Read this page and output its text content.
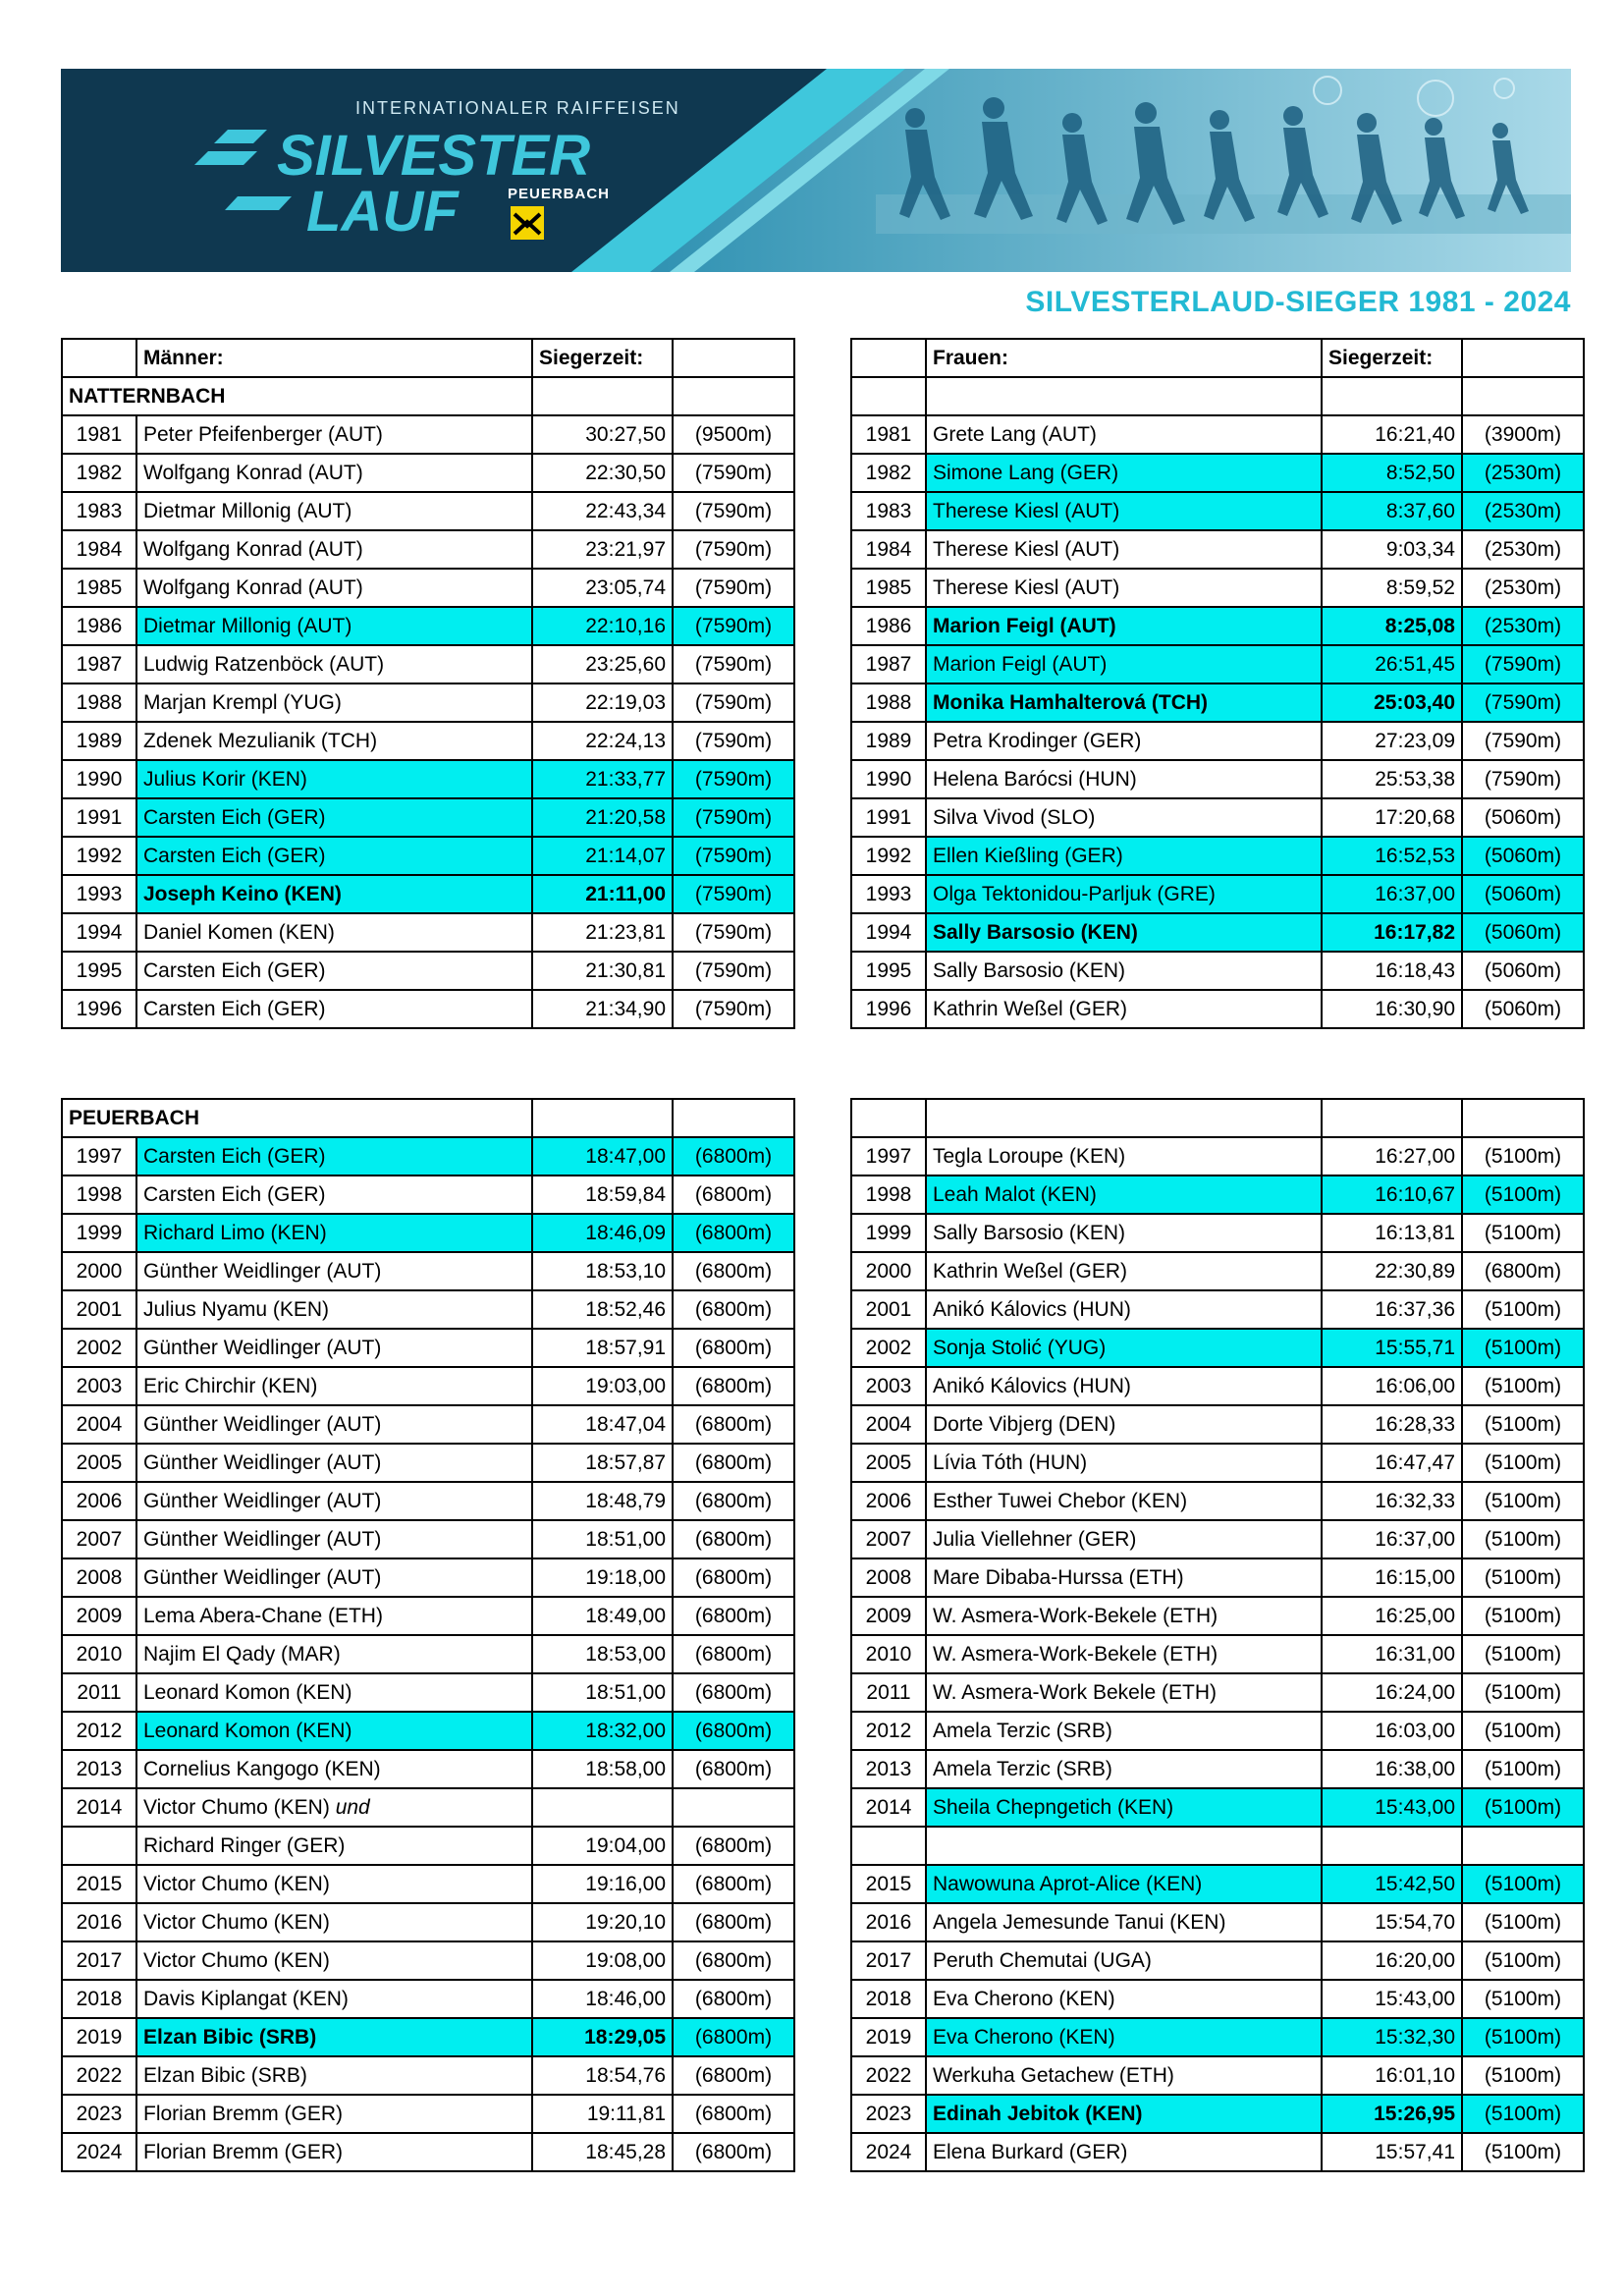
INTERNATIONALER RAIFFEISEN
SILVESTER
LAUF	PEUERBACH
SILVESTERLAUD-SIEGER 1981 - 2024
	Männer:	Siegerzeit:	
NATTERNBACH			
1981	Peter Pfeifenberger (AUT)	30:27,50	(9500m)
1982	Wolfgang Konrad (AUT)	22:30,50	(7590m)
1983	Dietmar Millonig (AUT)	22:43,34	(7590m)
1984	Wolfgang Konrad (AUT)	23:21,97	(7590m)
1985	Wolfgang Konrad (AUT)	23:05,74	(7590m)
1986	Dietmar Millonig (AUT)	22:10,16	(7590m)
1987	Ludwig Ratzenböck (AUT)	23:25,60	(7590m)
1988	Marjan Krempl (YUG)	22:19,03	(7590m)
1989	Zdenek Mezulianik (TCH)	22:24,13	(7590m)
1990	Julius Korir (KEN)	21:33,77	(7590m)
1991	Carsten Eich (GER)	21:20,58	(7590m)
1992	Carsten Eich (GER)	21:14,07	(7590m)
1993	Joseph Keino (KEN)	21:11,00	(7590m)
1994	Daniel Komen (KEN)	21:23,81	(7590m)
1995	Carsten Eich (GER)	21:30,81	(7590m)
1996	Carsten Eich (GER)	21:34,90	(7590m)
	Frauen:	Siegerzeit:	

1981	Grete Lang (AUT)	16:21,40	(3900m)
1982	Simone Lang (GER)	8:52,50	(2530m)
1983	Therese Kiesl (AUT)	8:37,60	(2530m)
1984	Therese Kiesl (AUT)	9:03,34	(2530m)
1985	Therese Kiesl (AUT)	8:59,52	(2530m)
1986	Marion Feigl (AUT)	8:25,08	(2530m)
1987	Marion Feigl (AUT)	26:51,45	(7590m)
1988	Monika Hamhalterová (TCH)	25:03,40	(7590m)
1989	Petra Krodinger (GER)	27:23,09	(7590m)
1990	Helena Barócsi (HUN)	25:53,38	(7590m)
1991	Silva Vivod (SLO)	17:20,68	(5060m)
1992	Ellen Kießling (GER)	16:52,53	(5060m)
1993	Olga Tektonidou-Parljuk (GRE)	16:37,00	(5060m)
1994	Sally Barsosio (KEN)	16:17,82	(5060m)
1995	Sally Barsosio (KEN)	16:18,43	(5060m)
1996	Kathrin Weßel (GER)	16:30,90	(5060m)
PEUERBACH			
1997	Carsten Eich (GER)	18:47,00	(6800m)
1998	Carsten Eich (GER)	18:59,84	(6800m)
1999	Richard Limo (KEN)	18:46,09	(6800m)
2000	Günther Weidlinger (AUT)	18:53,10	(6800m)
2001	Julius Nyamu (KEN)	18:52,46	(6800m)
2002	Günther Weidlinger (AUT)	18:57,91	(6800m)
2003	Eric Chirchir (KEN)	19:03,00	(6800m)
2004	Günther Weidlinger (AUT)	18:47,04	(6800m)
2005	Günther Weidlinger (AUT)	18:57,87	(6800m)
2006	Günther Weidlinger (AUT)	18:48,79	(6800m)
2007	Günther Weidlinger (AUT)	18:51,00	(6800m)
2008	Günther Weidlinger (AUT)	19:18,00	(6800m)
2009	Lema Abera-Chane (ETH)	18:49,00	(6800m)
2010	Najim El Qady (MAR)	18:53,00	(6800m)
2011	Leonard Komon (KEN)	18:51,00	(6800m)
2012	Leonard Komon (KEN)	18:32,00	(6800m)
2013	Cornelius Kangogo (KEN)	18:58,00	(6800m)
2014	Victor Chumo (KEN) und		
	Richard Ringer (GER)	19:04,00	(6800m)
2015	Victor Chumo (KEN)	19:16,00	(6800m)
2016	Victor Chumo (KEN)	19:20,10	(6800m)
2017	Victor Chumo (KEN)	19:08,00	(6800m)
2018	Davis Kiplangat (KEN)	18:46,00	(6800m)
2019	Elzan Bibic (SRB)	18:29,05	(6800m)
2022	Elzan Bibic (SRB)	18:54,76	(6800m)
2023	Florian Bremm (GER)	19:11,81	(6800m)
2024	Florian Bremm (GER)	18:45,28	(6800m)

1997	Tegla Loroupe (KEN)	16:27,00	(5100m)
1998	Leah Malot (KEN)	16:10,67	(5100m)
1999	Sally Barsosio (KEN)	16:13,81	(5100m)
2000	Kathrin Weßel (GER)	22:30,89	(6800m)
2001	Anikó Kálovics (HUN)	16:37,36	(5100m)
2002	Sonja Stolić (YUG)	15:55,71	(5100m)
2003	Anikó Kálovics (HUN)	16:06,00	(5100m)
2004	Dorte Vibjerg (DEN)	16:28,33	(5100m)
2005	Lívia Tóth (HUN)	16:47,47	(5100m)
2006	Esther Tuwei Chebor (KEN)	16:32,33	(5100m)
2007	Julia Viellehner (GER)	16:37,00	(5100m)
2008	Mare Dibaba-Hurssa (ETH)	16:15,00	(5100m)
2009	W. Asmera-Work-Bekele (ETH)	16:25,00	(5100m)
2010	W. Asmera-Work-Bekele (ETH)	16:31,00	(5100m)
2011	W. Asmera-Work Bekele (ETH)	16:24,00	(5100m)
2012	Amela Terzic (SRB)	16:03,00	(5100m)
2013	Amela Terzic (SRB)	16:38,00	(5100m)
2014	Sheila Chepngetich (KEN)	15:43,00	(5100m)

2015	Nawowuna Aprot-Alice (KEN)	15:42,50	(5100m)
2016	Angela Jemesunde Tanui (KEN)	15:54,70	(5100m)
2017	Peruth Chemutai (UGA)	16:20,00	(5100m)
2018	Eva Cherono (KEN)	15:43,00	(5100m)
2019	Eva Cherono (KEN)	15:32,30	(5100m)
2022	Werkuha Getachew (ETH)	16:01,10	(5100m)
2023	Edinah Jebitok (KEN)	15:26,95	(5100m)
2024	Elena Burkard (GER)	15:57,41	(5100m)
